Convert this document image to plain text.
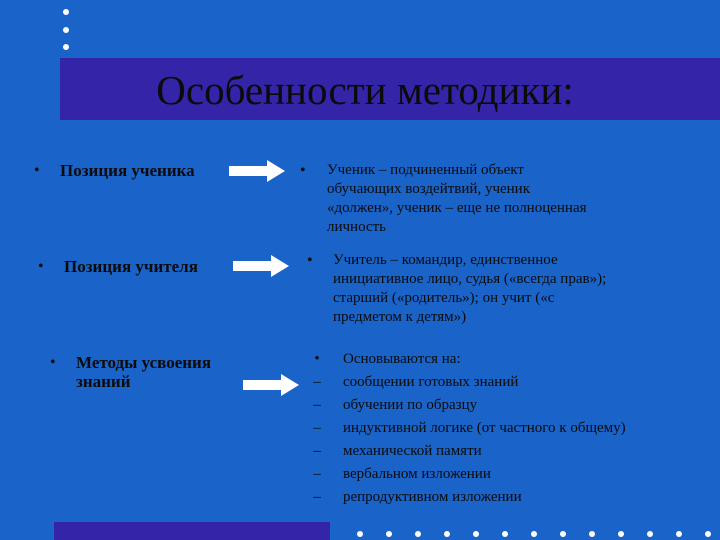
Особенности методики:
• Позиция ученика	• Ученик – подчиненный объект
обучающих воздейтвий, ученик
«должен», ученик – еще не полноценная
личность
• Позиция учителя	• Учитель – командир, единственное
инициативное лицо, судья («всегда прав»);
старший («родитель»); он учит («с
предметом к детям»)
• Методы усвоения
знаний
• Основываются на:
– сообщении готовых знаний
– обучении по образцу
– индуктивной логике (от частного к общему)
– механической памяти
– вербальном изложении
– репродуктивном изложении
